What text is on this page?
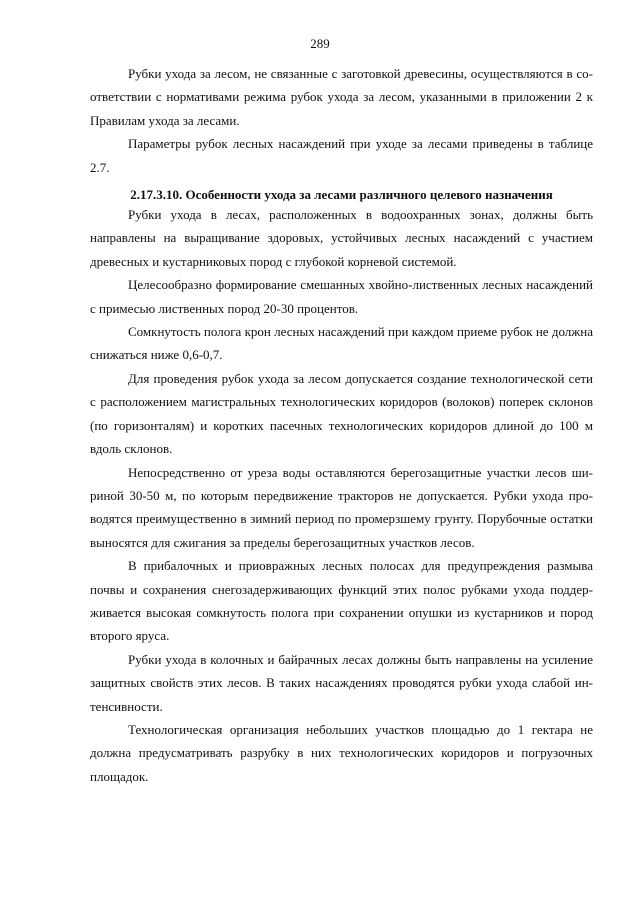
289

Рубки ухода за лесом, не связанные с заготовкой древесины, осуществляются в соответствии с нормативами режима рубок ухода за лесом, указанными в приложении 2 к Правилам ухода за лесами.

Параметры рубок лесных насаждений при уходе за лесами приведены в таблице 2.7.

2.17.3.10. Особенности ухода за лесами различного целевого назначения

Рубки ухода в лесах, расположенных в водоохранных зонах, должны быть направлены на выращивание здоровых, устойчивых лесных насаждений с участием древесных и кустарниковых пород с глубокой корневой системой.

Целесообразно формирование смешанных хвойно-лиственных лесных насаждений с примесью лиственных пород 20-30 процентов.

Сомкнутость полога крон лесных насаждений при каждом приеме рубок не должна снижаться ниже 0,6-0,7.

Для проведения рубок ухода за лесом допускается создание технологической сети с расположением магистральных технологических коридоров (волоков) поперек склонов (по горизонталям) и коротких пасечных технологических коридоров длиной до 100 м вдоль склонов.

Непосредственно от уреза воды оставляются берегозащитные участки лесов шириной 30-50 м, по которым передвижение тракторов не допускается. Рубки ухода проводятся преимущественно в зимний период по промерзшему грунту. Порубочные остатки выносятся для сжигания за пределы берегозащитных участков лесов.

В прибалочных и приовражных лесных полосах для предупреждения размыва почвы и сохранения снегозадерживающих функций этих полос рубками ухода поддерживается высокая сомкнутость полога при сохранении опушки из кустарников и пород второго яруса.

Рубки ухода в колочных и байрачных лесах должны быть направлены на усиление защитных свойств этих лесов. В таких насаждениях проводятся рубки ухода слабой интенсивности.

Технологическая организация небольших участков площадью до 1 гектара не должна предусматривать разрубку в них технологических коридоров и погрузочных площадок.
